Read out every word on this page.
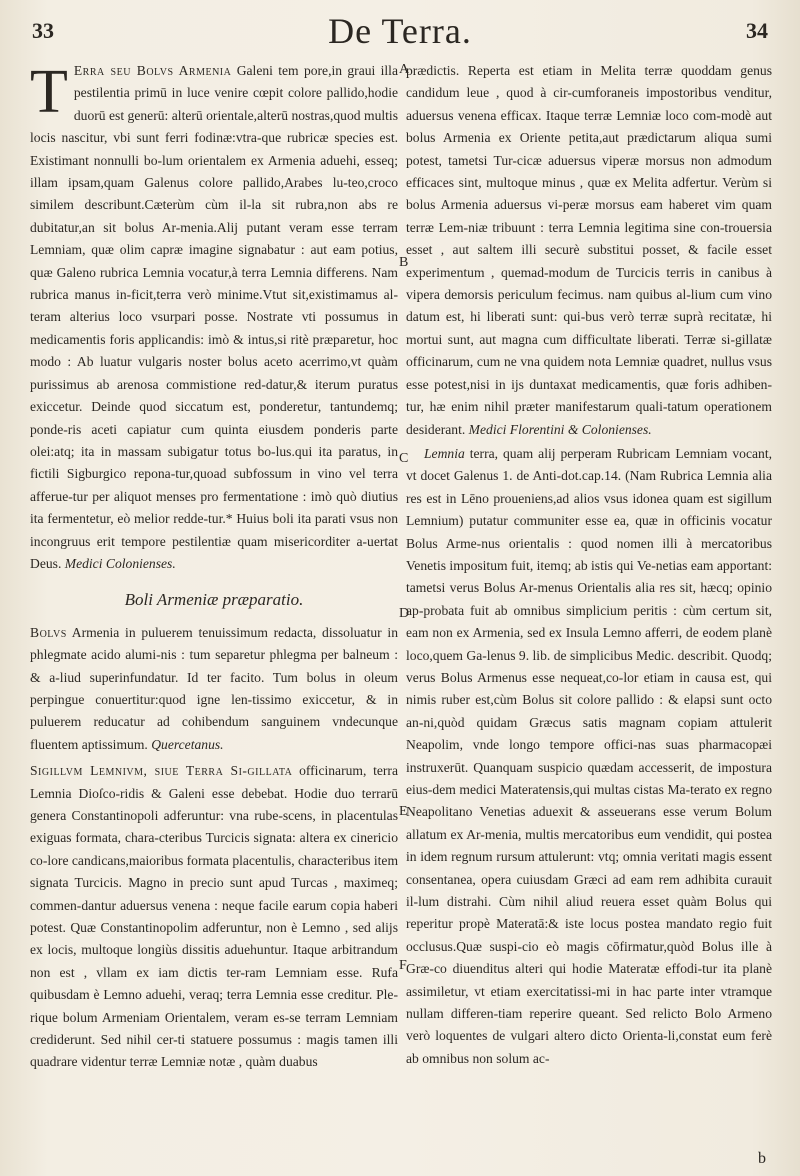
33	De Terra.	34

T Erra seu Bolvs Armenia Galeni tem pore,in graui illa pestilentia primū in luce venire cœpit colore pallido,hodie duorū est generū: alterū orientale,alterū nostras,quod multis locis nascitur, vbi sunt ferri fodinæ:vtra-que rubricæ species est. Existimant nonnulli bo-lum orientalem ex Armenia aduehi, esseq; illam ipsam,quam Galenus colore pallido,Arabes lu-teo,croco similem describunt.Cæterùm cùm il-la sit rubra,non abs re dubitatur,an sit bolus Ar-menia.Alij putant veram esse terram Lemniam, quæ olim capræ imagine signabatur : aut eam potius, quæ Galeno rubrica Lemnia vocatur,à terra Lemnia differens. Nam rubrica manus in-ficit,terra verò minime.Vtut sit,existimamus al-teram alterius loco vsurpari posse. Nostrate vti possumus in medicamentis foris applicandis: imò & intus,si ritè præparetur, hoc modo : Ab luatur vulgaris noster bolus aceto acerrimo,vt quàm purissimus ab arenosa commistione red-datur,& iterum puratus exiccetur. Deinde quod siccatum est, ponderetur, tantundemq; ponde-ris aceti capiatur cum quinta eiusdem ponderis parte olei:atq; ita in massam subigatur totus bo-lus.qui ita paratus, in fictili Sigburgico repona-tur,quoad subfossum in vino vel terra afferue-tur per aliquot menses pro fermentatione : imò quò diutius ita fermentetur, eò melior redde-tur.* Huius boli ita parati vsus non incongruus erit tempore pestilentiæ quam misericorditer a-uertat Deus. Medici Colonienses.

Boli Armeniæ præparatio.

Bolvs Armenia in puluerem tenuissimum redacta, dissoluatur in phlegmate acido alumi-nis : tum separetur phlegma per balneum : & a-liud superinfundatur. Id ter facito. Tum bolus in oleum perpingue conuertitur:quod igne len-tissimo exiccetur, & in puluerem reducatur ad cohibendum sanguinem vndecunque fluentem aptissimum. Quercetanus.

Sigillvm Lemnivm, siue Terra Si-gillata officinarum, terra Lemnia Dioſco-ridis & Galeni esse debebat. Hodie duo terrarū genera Constantinopoli adferuntur: vna rube-scens, in placentulas exiguas formata, chara-cteribus Turcicis signata: altera ex cinericio co-lore candicans,maioribus formata placentulis, characteribus item signata Turcicis. Magno in precio sunt apud Turcas , maximeq; commen-dantur aduersus venena : neque facile earum copia haberi potest. Quæ Constantinopolim adferuntur, non è Lemno , sed alijs ex locis, multoque longiùs dissitis aduehuntur. Itaque arbitrandum non est , vllam ex iam dictis ter-ram Lemniam esse. Rufa quibusdam è Lemno aduehi, veraq; terra Lemnia esse creditur. Ple-rique bolum Armeniam Orientalem, veram es-se terram Lemniam crediderunt. Sed nihil cer-ti statuere possumus : magis tamen illi quadrare videntur terræ Lemniæ notæ , quàm duabus

A
B
C
D
E
F

prædictis. Reperta est etiam in Melita terræ quoddam genus candidum leue , quod à cir-cumforaneis impostoribus venditur, aduersus venena efficax. Itaque terræ Lemniæ loco com-modè aut bolus Armenia ex Oriente petita,aut prædictarum aliqua sumi potest, tametsi Tur-cicæ aduersus viperæ morsus non admodum efficaces sint, multoque minus , quæ ex Melita adfertur. Verùm si bolus Armenia aduersus vi-peræ morsus eam haberet vim quam terræ Lem-niæ tribuunt : terra Lemnia legitima sine con-trouersia esset , aut saltem illi securè substitui posset, & facile esset experimentum , quemad-modum de Turcicis terris in canibus à vipera demorsis periculum fecimus. nam quibus al-lium cum vino datum est, hi liberati sunt: qui-bus verò terræ suprà recitatæ, hi mortui sunt, aut magna cum difficultate liberati. Terræ si-gillatæ officinarum, cum ne vna quidem nota Lemniæ quadret, nullus vsus esse potest,nisi in ijs duntaxat medicamentis, quæ foris adhiben-tur, hæ enim nihil præter manifestarum quali-tatum operationem desiderant. Medici Florentini & Colonienses.

Lemnia terra, quam alij perperam Rubricam Lemniam vocant, vt docet Galenus 1. de Anti-dot.cap.14. (Nam Rubrica Lemnia alia res est in Lēno proueniens,ad alios vsus idonea quam est sigillum Lemnium) putatur communiter esse ea, quæ in officinis vocatur Bolus Arme-nus orientalis : quod nomen illi à mercatoribus Venetis impositum fuit, itemq; ab istis qui Ve-netias eam apportant: tametsi verus Bolus Ar-menus Orientalis alia res sit, hæcq; opinio ap-probata fuit ab omnibus simplicium peritis : cùm certum sit, eam non ex Armenia, sed ex Insula Lemno afferri, de eodem planè loco,quem Ga-lenus 9. lib. de simplicibus Medic. describit. Quodq; verus Bolus Armenus esse nequeat,co-lor etiam in causa est, qui nimis ruber est,cùm Bolus sit colore pallido : & elapsi sunt octo an-ni,quòd quidam Græcus satis magnam copiam attulerit Neapolim, vnde longo tempore offici-nas suas pharmacopæi instruxerūt. Quanquam suspicio quædam accesserit, de impostura eius-dem medici Materatensis,qui multas cistas Ma-terato ex regno Neapolitano Venetias aduexit & asseuerans esse verum Bolum allatum ex Ar-menia, multis mercatoribus eum vendidit, qui postea in idem regnum rursum attulerunt: vtq; omnia veritati magis essent consentanea, opera cuiusdam Græci ad eam rem adhibita curauit il-lum distrahi. Cùm nihil aliud reuera esset quàm Bolus qui reperitur propè Materatā:& iste locus postea mandato regio fuit occlusus.Quæ suspi-cio eò magis cōfirmatur,quòd Bolus ille à Græ-co diuenditus alteri qui hodie Materatæ effodi-tur ita planè assimiletur, vt etiam exercitatissi-mi in hac parte inter vtramque nullam differen-tiam reperire queant. Sed relicto Bolo Armeno verò loquentes de vulgari altero dicto Orienta-li,constat eum ferè ab omnibus non solum ac-

b
